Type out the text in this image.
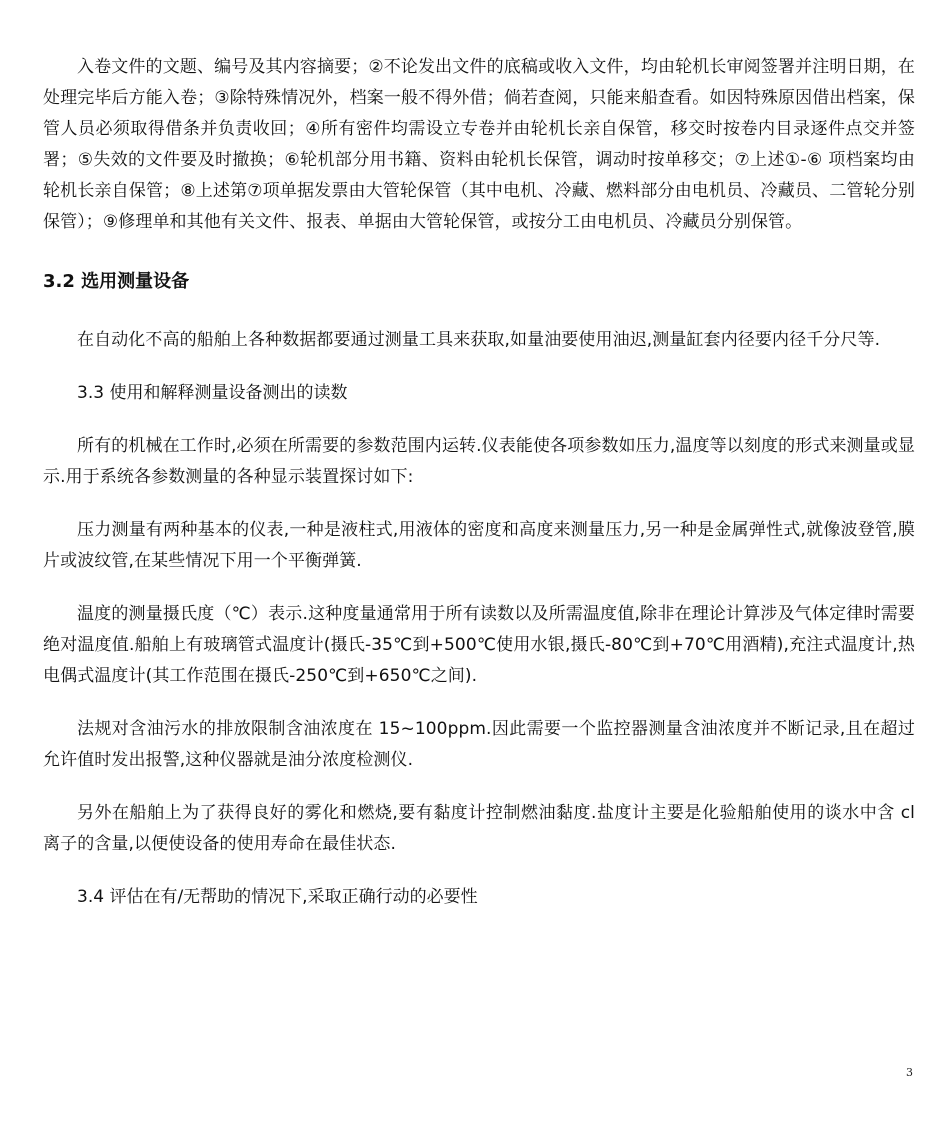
入卷文件的文题、编号及其内容摘要；②不论发出文件的底稿或收入文件，均由轮机长审阅签署并注明日期，在处理完毕后方能入卷；③除特殊情况外，档案一般不得外借；倘若查阅，只能来船查看。如因特殊原因借出档案，保管人员必须取得借条并负责收回；④所有密件均需设立专卷并由轮机长亲自保管，移交时按卷内目录逐件点交并签署；⑤失效的文件要及时撤换；⑥轮机部分用书籍、资料由轮机长保管，调动时按单移交；⑦上述①-⑥ 项档案均由轮机长亲自保管；⑧上述第⑦项单据发票由大管轮保管（其中电机、冷藏、燃料部分由电机员、冷藏员、二管轮分别保管）；⑨修理单和其他有关文件、报表、单据由大管轮保管，或按分工由电机员、冷藏员分别保管。

3.2 选用测量设备

在自动化不高的船舶上各种数据都要通过测量工具来获取,如量油要使用油迟,测量缸套内径要内径千分尺等.

3.3 使用和解释测量设备测出的读数

所有的机械在工作时,必须在所需要的参数范围内运转.仪表能使各项参数如压力,温度等以刻度的形式来测量或显示.用于系统各参数测量的各种显示装置探讨如下:

压力测量有两种基本的仪表,一种是液柱式,用液体的密度和高度来测量压力,另一种是金属弹性式,就像波登管,膜片或波纹管,在某些情况下用一个平衡弹簧.

温度的测量摄氏度（℃）表示.这种度量通常用于所有读数以及所需温度值,除非在理论计算涉及气体定律时需要绝对温度值.船舶上有玻璃管式温度计(摄氏-35℃到+500℃使用水银,摄氏-80℃到+70℃用酒精),充注式温度计,热电偶式温度计(其工作范围在摄氏-250℃到+650℃之间).

法规对含油污水的排放限制含油浓度在 15~100ppm.因此需要一个监控器测量含油浓度并不断记录,且在超过允许值时发出报警,这种仪器就是油分浓度检测仪.

另外在船舶上为了获得良好的雾化和燃烧,要有黏度计控制燃油黏度.盐度计主要是化验船舶使用的谈水中含 cl 离子的含量,以便使设备的使用寿命在最佳状态.

3.4 评估在有/无帮助的情况下,采取正确行动的必要性

3
